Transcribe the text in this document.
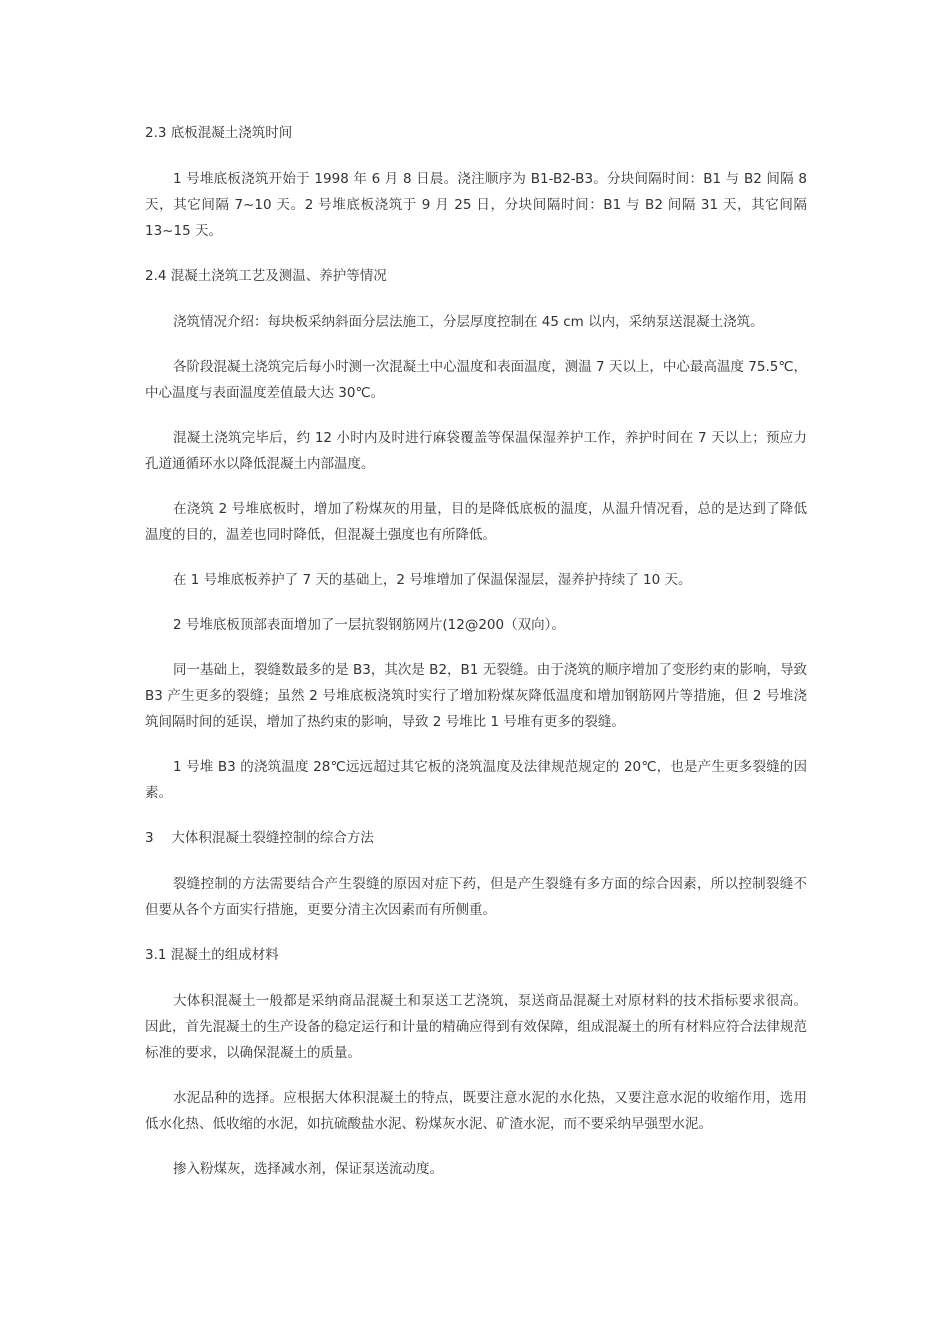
2.3 底板混凝土浇筑时间
1 号堆底板浇筑开始于 1998 年 6 月 8 日晨。浇注顺序为 B1-B2-B3。分块间隔时间：B1 与 B2 间隔 8 天，其它间隔 7~10 天。2 号堆底板浇筑于 9 月 25 日，分块间隔时间：B1 与 B2 间隔 31 天，其它间隔 13~15 天。
2.4 混凝土浇筑工艺及测温、养护等情况
浇筑情况介绍：每块板采纳斜面分层法施工，分层厚度控制在 45 cm 以内，采纳泵送混凝土浇筑。
各阶段混凝土浇筑完后每小时测一次混凝土中心温度和表面温度，测温 7 天以上，中心最高温度 75.5℃，中心温度与表面温度差值最大达 30℃。
混凝土浇筑完毕后，约 12 小时内及时进行麻袋覆盖等保温保湿养护工作，养护时间在 7 天以上；预应力孔道通循环水以降低混凝土内部温度。
在浇筑 2 号堆底板时，增加了粉煤灰的用量，目的是降低底板的温度，从温升情况看，总的是达到了降低温度的目的，温差也同时降低，但混凝土强度也有所降低。
在 1 号堆底板养护了 7 天的基础上，2 号堆增加了保温保湿层，湿养护持续了 10 天。
2 号堆底板顶部表面增加了一层抗裂钢筋网片(12@200（双向）。
同一基础上，裂缝数最多的是 B3，其次是 B2，B1 无裂缝。由于浇筑的顺序增加了变形约束的影响，导致 B3 产生更多的裂缝；虽然 2 号堆底板浇筑时实行了增加粉煤灰降低温度和增加钢筋网片等措施，但 2 号堆浇筑间隔时间的延误，增加了热约束的影响，导致 2 号堆比 1 号堆有更多的裂缝。
1 号堆 B3 的浇筑温度 28℃远远超过其它板的浇筑温度及法律规范规定的 20℃，也是产生更多裂缝的因素。
3　 大体积混凝土裂缝控制的综合方法
裂缝控制的方法需要结合产生裂缝的原因对症下药，但是产生裂缝有多方面的综合因素，所以控制裂缝不但要从各个方面实行措施，更要分清主次因素而有所侧重。
3.1 混凝土的组成材料
大体积混凝土一般都是采纳商品混凝土和泵送工艺浇筑，泵送商品混凝土对原材料的技术指标要求很高。因此，首先混凝土的生产设备的稳定运行和计量的精确应得到有效保障，组成混凝土的所有材料应符合法律规范标准的要求，以确保混凝土的质量。
水泥品种的选择。应根据大体积混凝土的特点，既要注意水泥的水化热，又要注意水泥的收缩作用，选用低水化热、低收缩的水泥，如抗硫酸盐水泥、粉煤灰水泥、矿渣水泥，而不要采纳早强型水泥。
掺入粉煤灰，选择减水剂，保证泵送流动度。
